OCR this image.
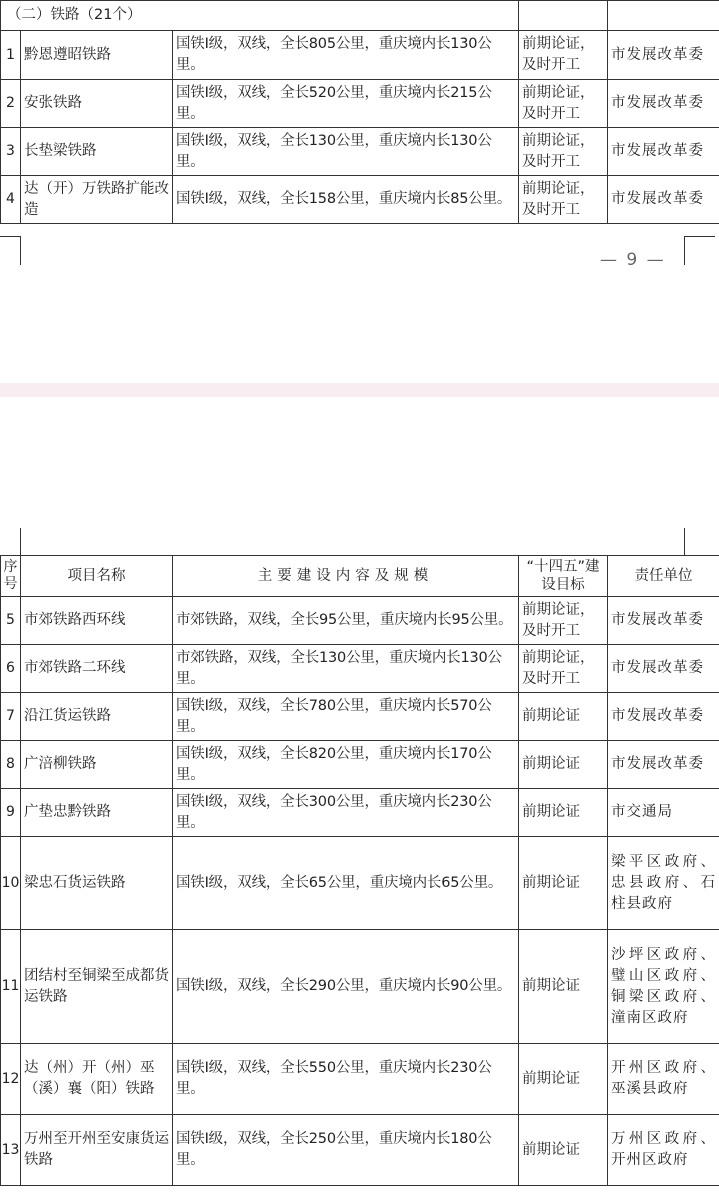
（二）铁路（21个）				
1	黔恩遵昭铁路	国铁I级，双线，全长805公里，重庆境内长130公里。	前期论证，及时开工	市发展改革委
2	安张铁路	国铁I级，双线，全长520公里，重庆境内长215公里。	前期论证，及时开工	市发展改革委
3	长垫梁铁路	国铁I级，双线，全长130公里，重庆境内长130公里。	前期论证，及时开工	市发展改革委
4	达（开）万铁路扩能改造	国铁I级，双线，全长158公里，重庆境内长85公里。	前期论证，及时开工	市发展改革委
— 9 —
序号	项目名称	主要建设内容及规模	“十四五”建设目标	责任单位
5	市郊铁路西环线	市郊铁路，双线，全长95公里，重庆境内长95公里。	前期论证，及时开工	市发展改革委
6	市郊铁路二环线	市郊铁路，双线，全长130公里，重庆境内长130公里。	前期论证，及时开工	市发展改革委
7	沿江货运铁路	国铁I级，双线，全长780公里，重庆境内长570公里。	前期论证	市发展改革委
8	广涪柳铁路	国铁I级，双线，全长820公里，重庆境内长170公里。	前期论证	市发展改革委
9	广垫忠黔铁路	国铁I级，双线，全长300公里，重庆境内长230公里。	前期论证	市交通局
10	梁忠石货运铁路	国铁I级，双线，全长65公里，重庆境内长65公里。	前期论证	梁平区政府、忠县政府、石柱县政府
11	团结村至铜梁至成都货运铁路	国铁I级，双线，全长290公里，重庆境内长90公里。	前期论证	沙坪区政府、璧山区政府、铜梁区政府、潼南区政府
12	达（州）开（州）巫（溪）襄（阳）铁路	国铁I级，双线，全长550公里，重庆境内长230公里。	前期论证	开州区政府、巫溪县政府
13	万州至开州至安康货运铁路	国铁I级，双线，全长250公里，重庆境内长180公里。	前期论证	万州区政府、开州区政府
